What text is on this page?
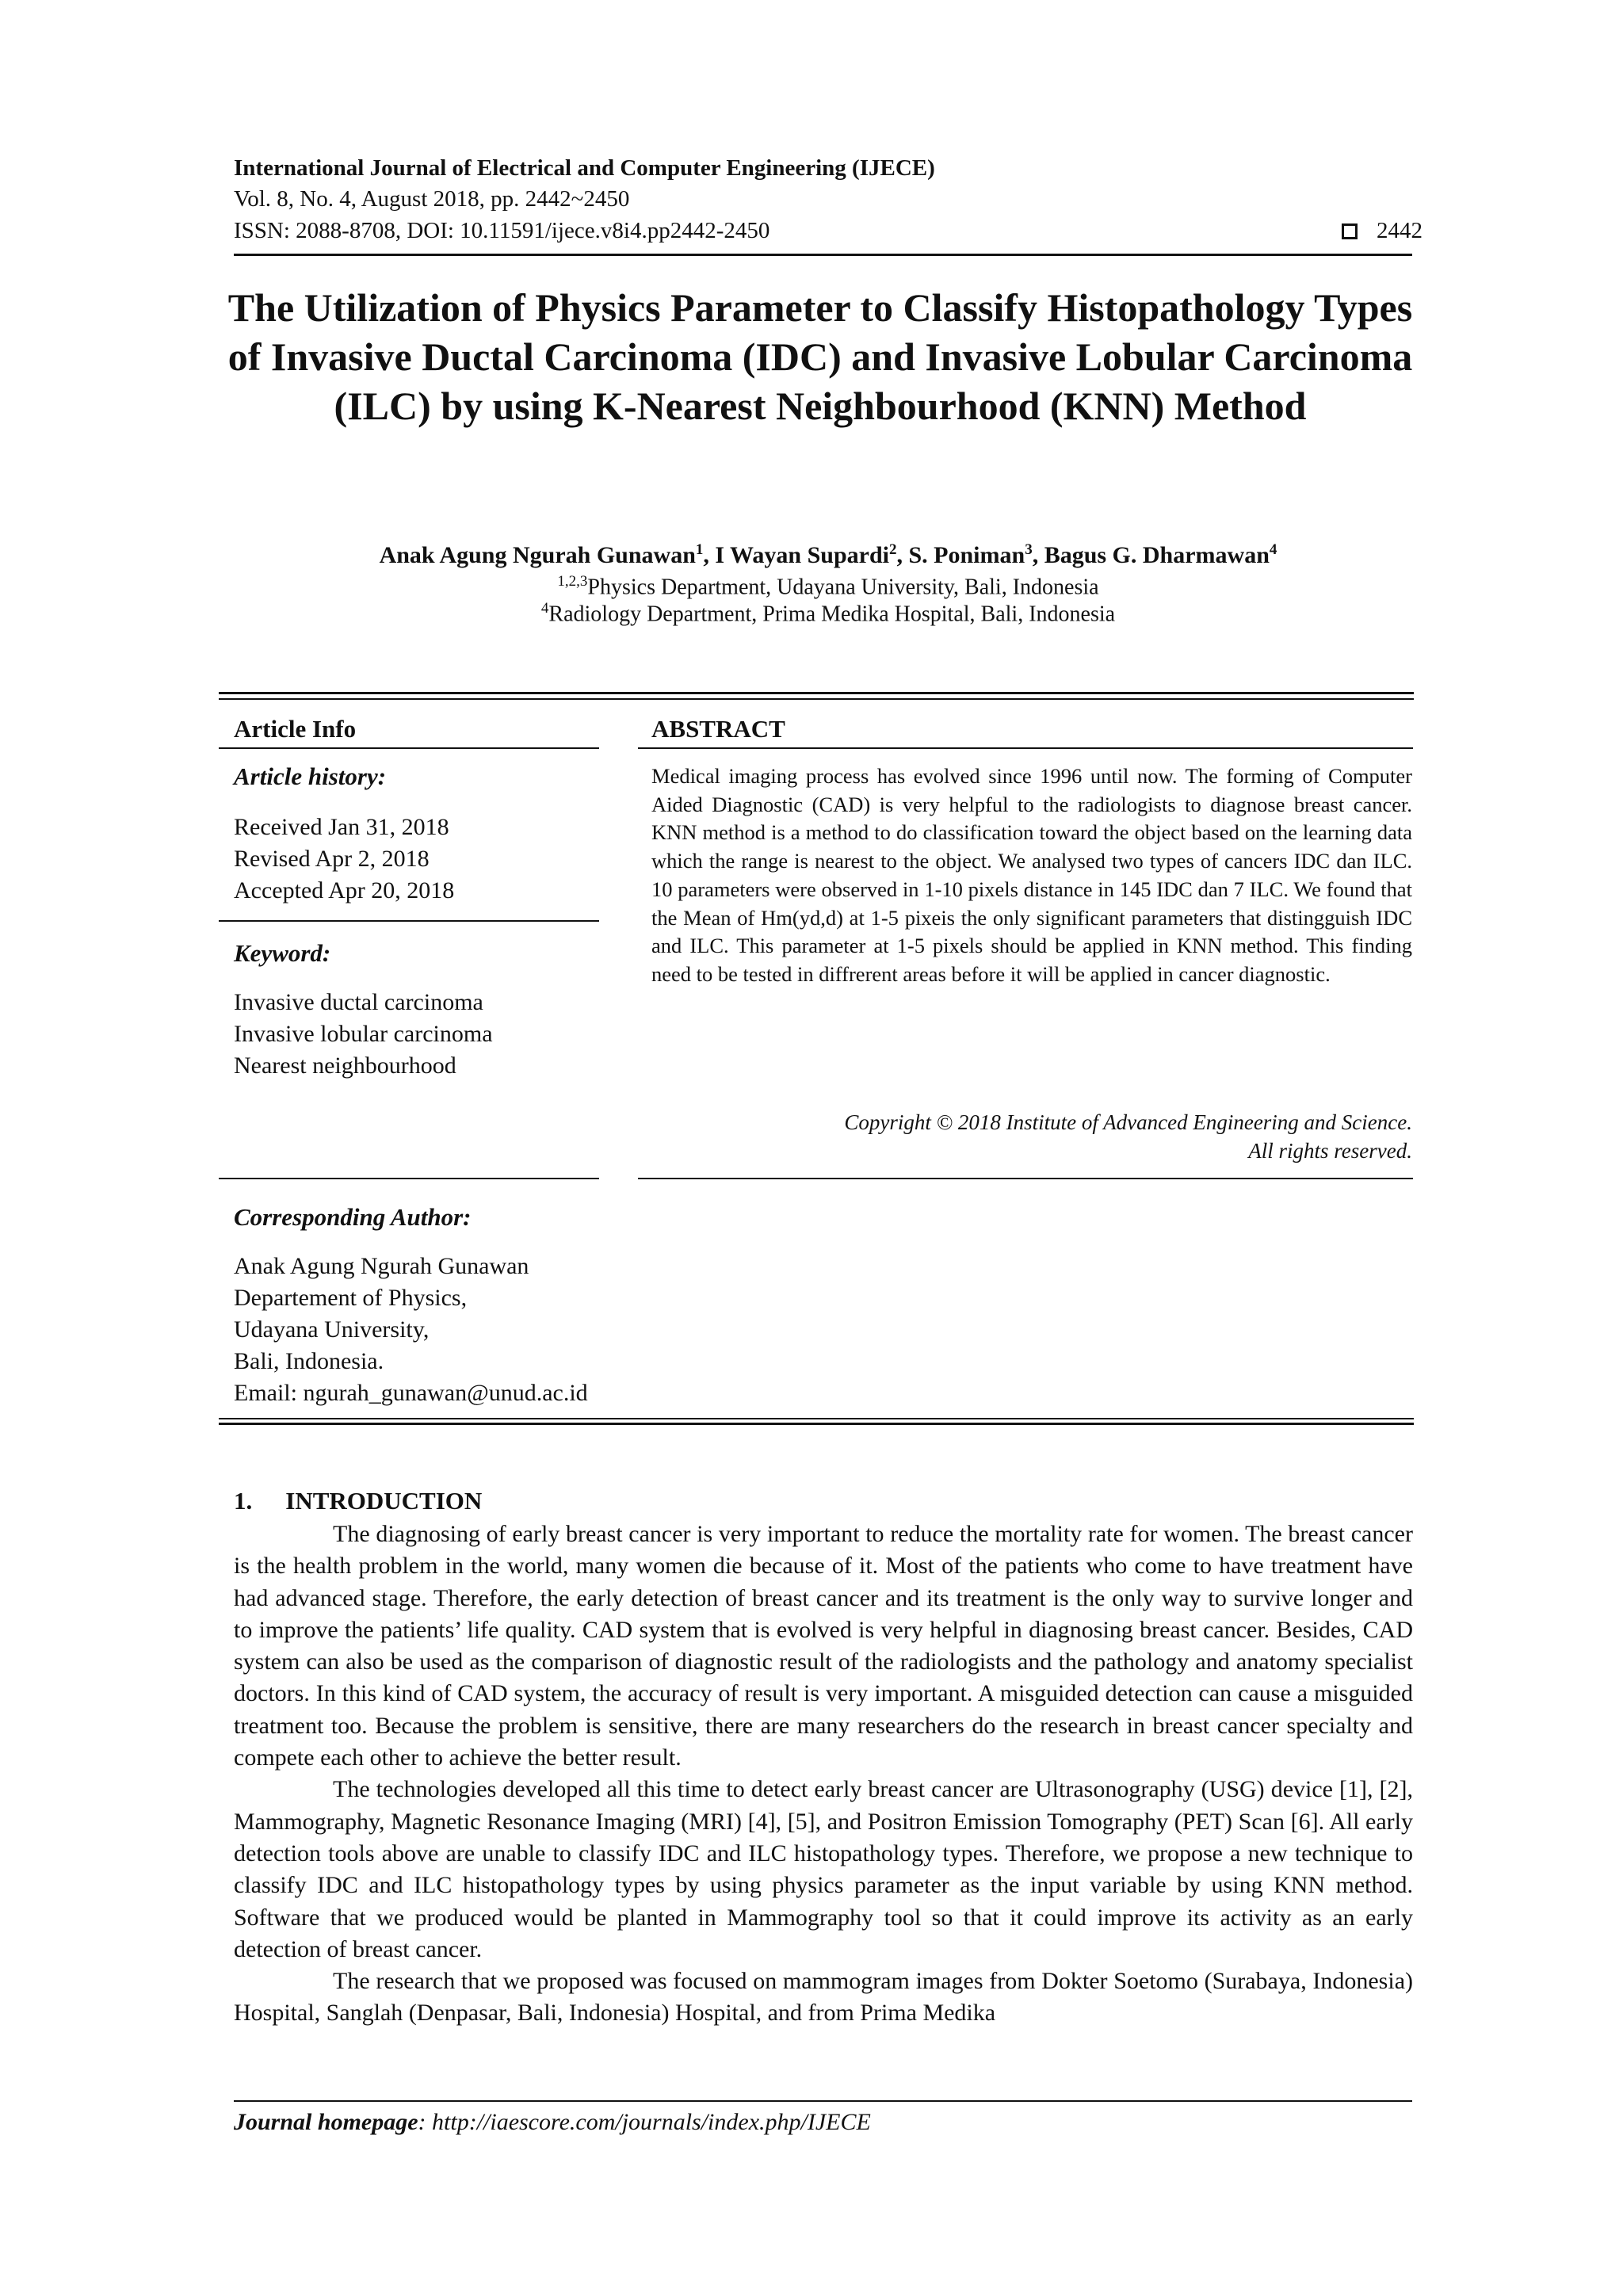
International Journal of Electrical and Computer Engineering (IJECE)
Vol. 8, No. 4, August 2018, pp. 2442~2450
ISSN: 2088-8708, DOI: 10.11591/ijece.v8i4.pp2442-2450	2442
The Utilization of Physics Parameter to Classify Histopathology Types of Invasive Ductal Carcinoma (IDC) and Invasive Lobular Carcinoma (ILC) by using K-Nearest Neighbourhood (KNN) Method
Anak Agung Ngurah Gunawan$^1$, I Wayan Supardi$^2$, S. Poniman$^3$, Bagus G. Dharmawan$^4$
$^{1,2,3}$Physics Department, Udayana University, Bali, Indonesia
$^4$Radiology Department, Prima Medika Hospital, Bali, Indonesia
Article Info
Article history:
Received Jan 31, 2018
Revised Apr 2, 2018
Accepted Apr 20, 2018
Keyword:
Invasive ductal carcinoma
Invasive lobular carcinoma
Nearest neighbourhood
ABSTRACT
Medical imaging process has evolved since 1996 until now. The forming of Computer Aided Diagnostic (CAD) is very helpful to the radiologists to diagnose breast cancer. KNN method is a method to do classification toward the object based on the learning data which the range is nearest to the object. We analysed two types of cancers IDC dan ILC. 10 parameters were observed in 1-10 pixels distance in 145 IDC dan 7 ILC. We found that the Mean of Hm(yd,d) at 1-5 pixeis the only significant parameters that distingguish IDC and ILC. This parameter at 1-5 pixels should be applied in KNN method. This finding need to be tested in diffrerent areas before it will be applied in cancer diagnostic.
Copyright © 2018 Institute of Advanced Engineering and Science.
All rights reserved.
Corresponding Author:
Anak Agung Ngurah Gunawan
Departement of Physics,
Udayana University,
Bali, Indonesia.
Email: ngurah_gunawan@unud.ac.id
1. INTRODUCTION

The diagnosing of early breast cancer is very important to reduce the mortality rate for women. The breast cancer is the health problem in the world, many women die because of it. Most of the patients who come to have treatment have had advanced stage. Therefore, the early detection of breast cancer and its treatment is the only way to survive longer and to improve the patients’ life quality. CAD system that is evolved is very helpful in diagnosing breast cancer. Besides, CAD system can also be used as the comparison of diagnostic result of the radiologists and the pathology and anatomy specialist doctors. In this kind of CAD system, the accuracy of result is very important. A misguided detection can cause a misguided treatment too. Because the problem is sensitive, there are many researchers do the research in breast cancer specialty and compete each other to achieve the better result.

The technologies developed all this time to detect early breast cancer are Ultrasonography (USG) device [1], [2], Mammography, Magnetic Resonance Imaging (MRI) [4], [5], and Positron Emission Tomography (PET) Scan [6]. All early detection tools above are unable to classify IDC and ILC histopathology types. Therefore, we propose a new technique to classify IDC and ILC histopathology types by using physics parameter as the input variable by using KNN method. Software that we produced would be planted in Mammography tool so that it could improve its activity as an early detection of breast cancer.

The research that we proposed was focused on mammogram images from Dokter Soetomo (Surabaya, Indonesia) Hospital, Sanglah (Denpasar, Bali, Indonesia) Hospital, and from Prima Medika

Journal homepage: http://iaescore.com/journals/index.php/IJECE
